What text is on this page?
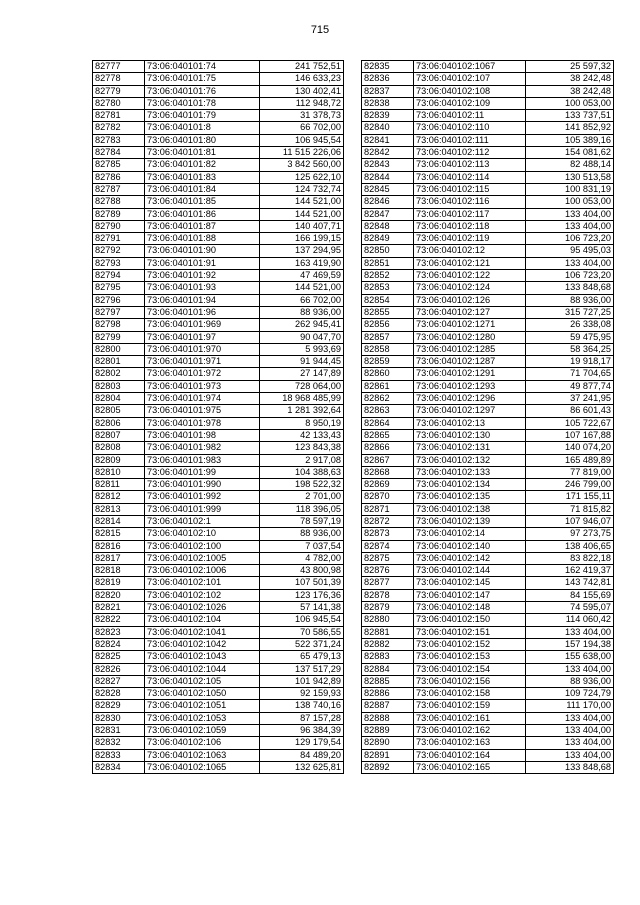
715
82777	73:06:040101:74	241 752,51
82778	73:06:040101:75	146 633,23
82779	73:06:040101:76	130 402,41
82780	73:06:040101:78	112 948,72
82781	73:06:040101:79	31 378,73
82782	73:06:040101:8	66 702,00
82783	73:06:040101:80	106 945,54
82784	73:06:040101:81	11 515 226,06
82785	73:06:040101:82	3 842 560,00
82786	73:06:040101:83	125 622,10
82787	73:06:040101:84	124 732,74
82788	73:06:040101:85	144 521,00
82789	73:06:040101:86	144 521,00
82790	73:06:040101:87	140 407,71
82791	73:06:040101:88	166 199,15
82792	73:06:040101:90	137 294,95
82793	73:06:040101:91	163 419,90
82794	73:06:040101:92	47 469,59
82795	73:06:040101:93	144 521,00
82796	73:06:040101:94	66 702,00
82797	73:06:040101:96	88 936,00
82798	73:06:040101:969	262 945,41
82799	73:06:040101:97	90 047,70
82800	73:06:040101:970	5 993,69
82801	73:06:040101:971	91 944,45
82802	73:06:040101:972	27 147,89
82803	73:06:040101:973	728 064,00
82804	73:06:040101:974	18 968 485,99
82805	73:06:040101:975	1 281 392,64
82806	73:06:040101:978	8 950,19
82807	73:06:040101:98	42 133,43
82808	73:06:040101:982	123 843,38
82809	73:06:040101:983	2 917,08
82810	73:06:040101:99	104 388,63
82811	73:06:040101:990	198 522,32
82812	73:06:040101:992	2 701,00
82813	73:06:040101:999	118 396,05
82814	73:06:040102:1	78 597,19
82815	73:06:040102:10	88 936,00
82816	73:06:040102:100	7 037,54
82817	73:06:040102:1005	4 782,00
82818	73:06:040102:1006	43 800,98
82819	73:06:040102:101	107 501,39
82820	73:06:040102:102	123 176,36
82821	73:06:040102:1026	57 141,38
82822	73:06:040102:104	106 945,54
82823	73:06:040102:1041	70 586,55
82824	73:06:040102:1042	522 371,24
82825	73:06:040102:1043	65 479,13
82826	73:06:040102:1044	137 517,29
82827	73:06:040102:105	101 942,89
82828	73:06:040102:1050	92 159,93
82829	73:06:040102:1051	138 740,16
82830	73:06:040102:1053	87 157,28
82831	73:06:040102:1059	96 384,39
82832	73:06:040102:106	129 179,54
82833	73:06:040102:1063	84 489,20
82834	73:06:040102:1065	132 625,81
82835	73:06:040102:1067	25 597,32
82836	73:06:040102:107	38 242,48
82837	73:06:040102:108	38 242,48
82838	73:06:040102:109	100 053,00
82839	73:06:040102:11	133 737,51
82840	73:06:040102:110	141 852,92
82841	73:06:040102:111	105 389,16
82842	73:06:040102:112	154 081,62
82843	73:06:040102:113	82 488,14
82844	73:06:040102:114	130 513,58
82845	73:06:040102:115	100 831,19
82846	73:06:040102:116	100 053,00
82847	73:06:040102:117	133 404,00
82848	73:06:040102:118	133 404,00
82849	73:06:040102:119	106 723,20
82850	73:06:040102:12	95 495,03
82851	73:06:040102:121	133 404,00
82852	73:06:040102:122	106 723,20
82853	73:06:040102:124	133 848,68
82854	73:06:040102:126	88 936,00
82855	73:06:040102:127	315 727,25
82856	73:06:040102:1271	26 338,08
82857	73:06:040102:1280	59 475,95
82858	73:06:040102:1285	58 364,25
82859	73:06:040102:1287	19 918,17
82860	73:06:040102:1291	71 704,65
82861	73:06:040102:1293	49 877,74
82862	73:06:040102:1296	37 241,95
82863	73:06:040102:1297	86 601,43
82864	73:06:040102:13	105 722,67
82865	73:06:040102:130	107 167,88
82866	73:06:040102:131	140 074,20
82867	73:06:040102:132	165 489,89
82868	73:06:040102:133	77 819,00
82869	73:06:040102:134	246 799,00
82870	73:06:040102:135	171 155,11
82871	73:06:040102:138	71 815,82
82872	73:06:040102:139	107 946,07
82873	73:06:040102:14	97 273,75
82874	73:06:040102:140	138 406,65
82875	73:06:040102:142	83 822,18
82876	73:06:040102:144	162 419,37
82877	73:06:040102:145	143 742,81
82878	73:06:040102:147	84 155,69
82879	73:06:040102:148	74 595,07
82880	73:06:040102:150	114 060,42
82881	73:06:040102:151	133 404,00
82882	73:06:040102:152	157 194,38
82883	73:06:040102:153	155 638,00
82884	73:06:040102:154	133 404,00
82885	73:06:040102:156	88 936,00
82886	73:06:040102:158	109 724,79
82887	73:06:040102:159	111 170,00
82888	73:06:040102:161	133 404,00
82889	73:06:040102:162	133 404,00
82890	73:06:040102:163	133 404,00
82891	73:06:040102:164	133 404,00
82892	73:06:040102:165	133 848,68
